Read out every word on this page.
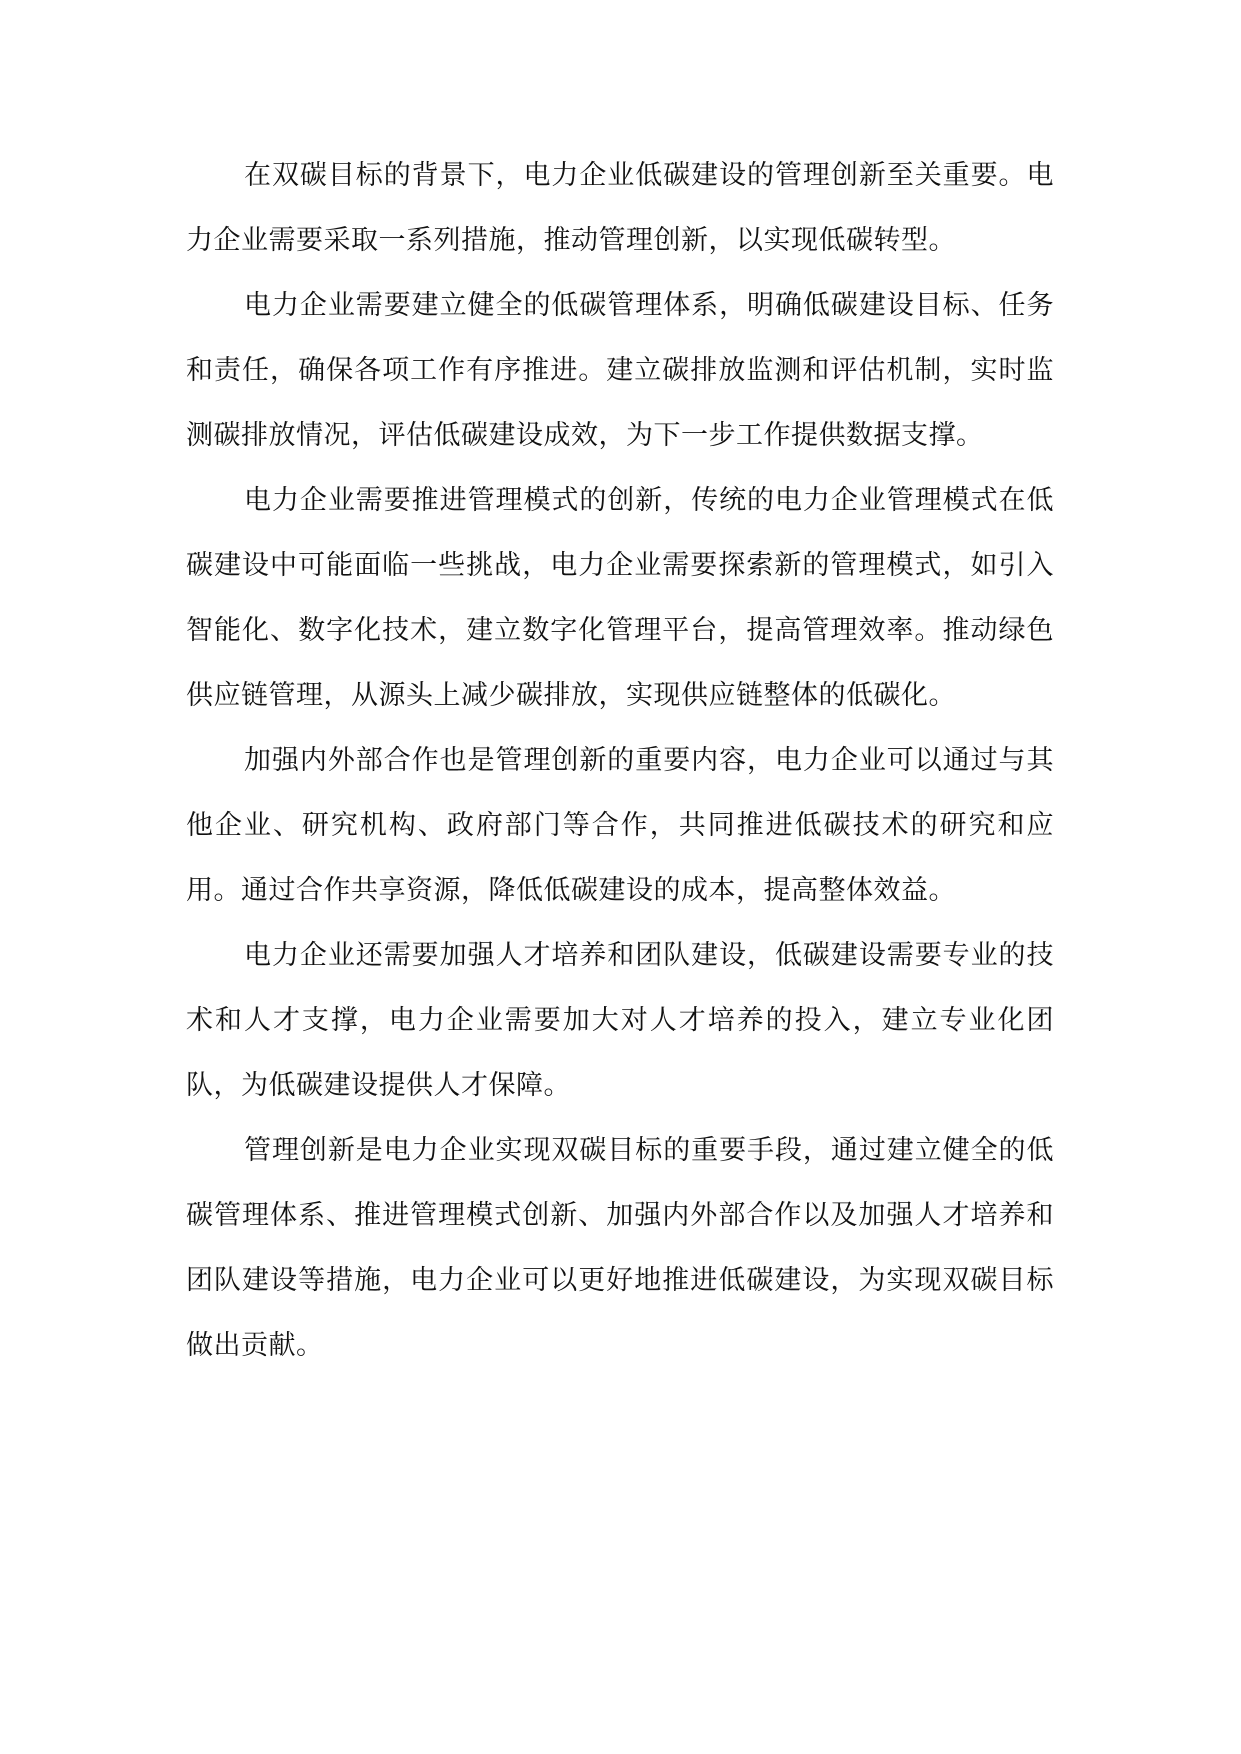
在双碳目标的背景下，电力企业低碳建设的管理创新至关重要。电力企业需要采取一系列措施，推动管理创新，以实现低碳转型。

电力企业需要建立健全的低碳管理体系，明确低碳建设目标、任务和责任，确保各项工作有序推进。建立碳排放监测和评估机制，实时监测碳排放情况，评估低碳建设成效，为下一步工作提供数据支撑。

电力企业需要推进管理模式的创新，传统的电力企业管理模式在低碳建设中可能面临一些挑战，电力企业需要探索新的管理模式，如引入智能化、数字化技术，建立数字化管理平台，提高管理效率。推动绿色供应链管理，从源头上减少碳排放，实现供应链整体的低碳化。

加强内外部合作也是管理创新的重要内容，电力企业可以通过与其他企业、研究机构、政府部门等合作，共同推进低碳技术的研究和应用。通过合作共享资源，降低低碳建设的成本，提高整体效益。

电力企业还需要加强人才培养和团队建设，低碳建设需要专业的技术和人才支撑，电力企业需要加大对人才培养的投入，建立专业化团队，为低碳建设提供人才保障。

管理创新是电力企业实现双碳目标的重要手段，通过建立健全的低碳管理体系、推进管理模式创新、加强内外部合作以及加强人才培养和团队建设等措施，电力企业可以更好地推进低碳建设，为实现双碳目标做出贡献。
